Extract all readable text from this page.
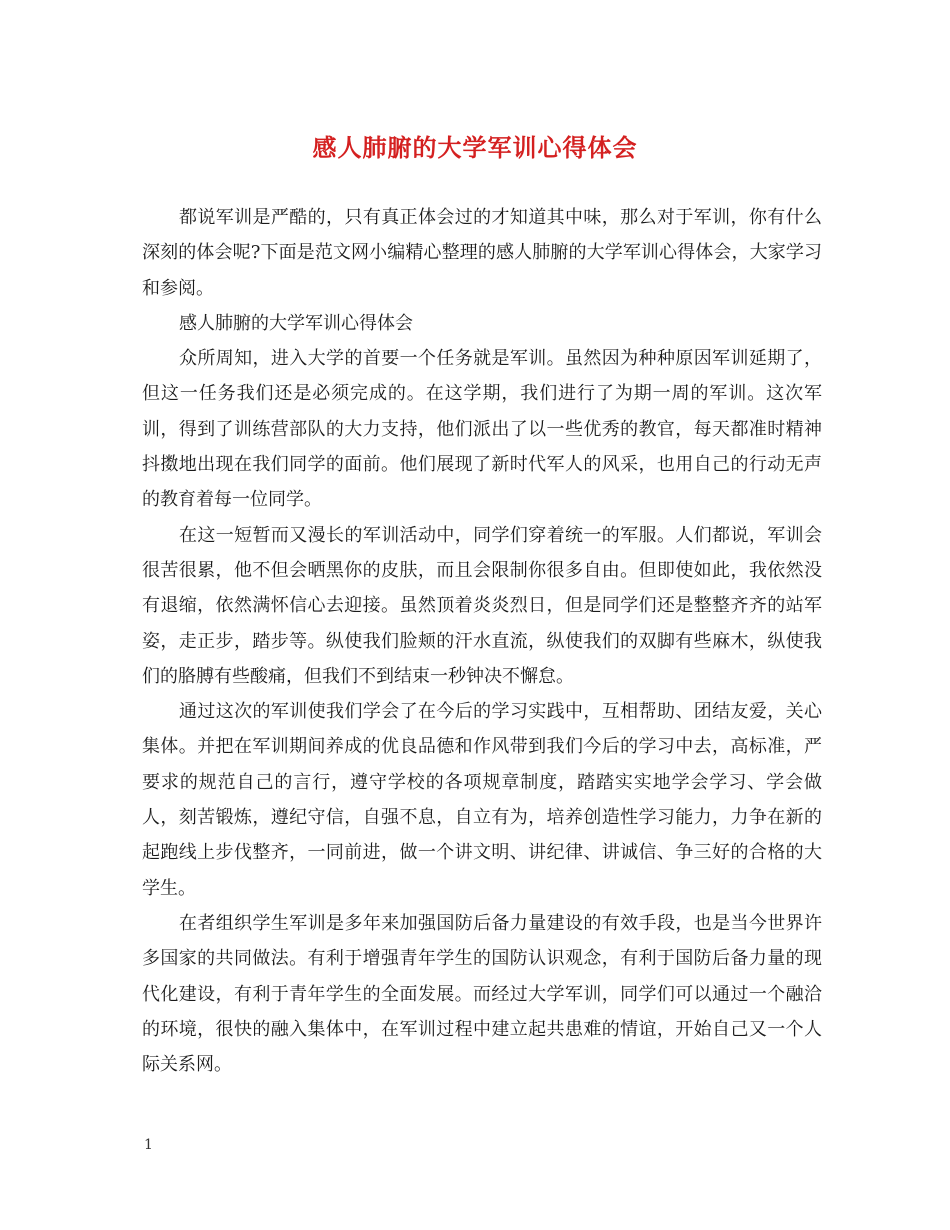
感人肺腑的大学军训心得体会

都说军训是严酷的，只有真正体会过的才知道其中味，那么对于军训，你有什么深刻的体会呢?下面是范文网小编精心整理的感人肺腑的大学军训心得体会，大家学习和参阅。

感人肺腑的大学军训心得体会

众所周知，进入大学的首要一个任务就是军训。虽然因为种种原因军训延期了，但这一任务我们还是必须完成的。在这学期，我们进行了为期一周的军训。这次军训，得到了训练营部队的大力支持，他们派出了以一些优秀的教官，每天都准时精神抖擞地出现在我们同学的面前。他们展现了新时代军人的风采，也用自己的行动无声的教育着每一位同学。

在这一短暂而又漫长的军训活动中，同学们穿着统一的军服。人们都说，军训会很苦很累，他不但会晒黑你的皮肤，而且会限制你很多自由。但即使如此，我依然没有退缩，依然满怀信心去迎接。虽然顶着炎炎烈日，但是同学们还是整整齐齐的站军姿，走正步，踏步等。纵使我们脸颊的汗水直流，纵使我们的双脚有些麻木，纵使我们的胳膊有些酸痛，但我们不到结束一秒钟决不懈怠。

通过这次的军训使我们学会了在今后的学习实践中，互相帮助、团结友爱，关心集体。并把在军训期间养成的优良品德和作风带到我们今后的学习中去，高标准，严要求的规范自己的言行，遵守学校的各项规章制度，踏踏实实地学会学习、学会做人，刻苦锻炼，遵纪守信，自强不息，自立有为，培养创造性学习能力，力争在新的起跑线上步伐整齐，一同前进，做一个讲文明、讲纪律、讲诚信、争三好的合格的大学生。

在者组织学生军训是多年来加强国防后备力量建设的有效手段，也是当今世界许多国家的共同做法。有利于增强青年学生的国防认识观念，有利于国防后备力量的现代化建设，有利于青年学生的全面发展。而经过大学军训，同学们可以通过一个融洽的环境，很快的融入集体中，在军训过程中建立起共患难的情谊，开始自己又一个人际关系网。

1
